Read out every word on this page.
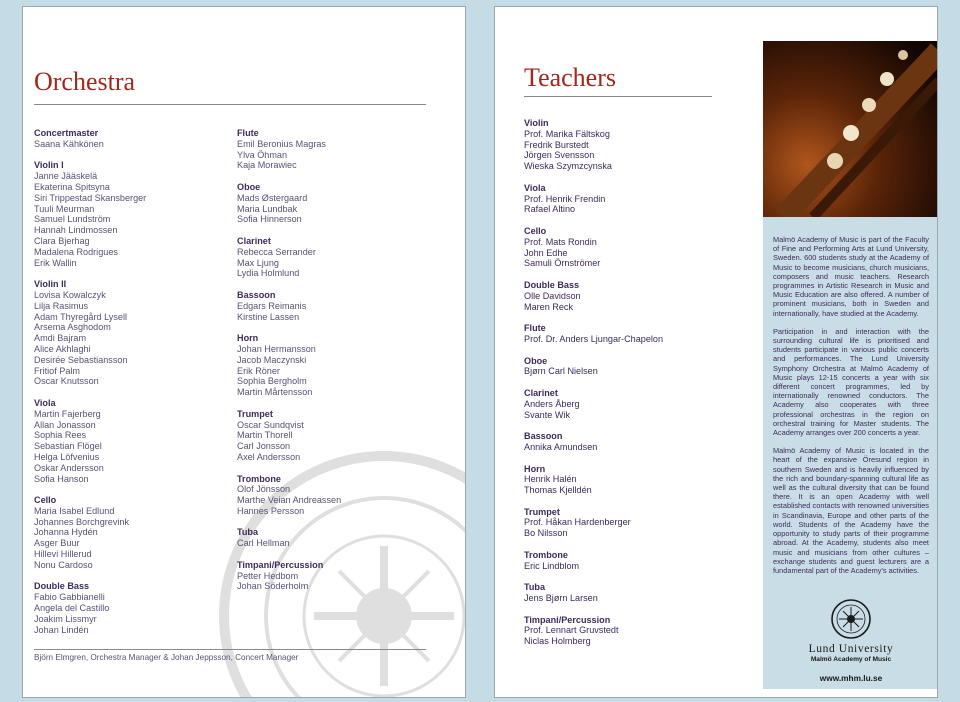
Orchestra
Concertmaster
Saana Kähkönen
Violin I
Janne Jääskelä
Ekaterina Spitsyna
Siri Trippestad Skansberger
Tuuli Meurman
Samuel Lundström
Hannah Lindmossen
Clara Bjerhag
Madalena Rodrigues
Erik Wallin
Violin II
Lovisa Kowalczyk
Lilja Rasimus
Adam Thyregård Lysell
Arsema Asghodom
Amdi Bajram
Alice Akhlaghi
Desirée Sebastiansson
Fritiof Palm
Oscar Knutsson
Viola
Martin Fajerberg
Allan Jonasson
Sophia Rees
Sebastian Flögel
Helga Löfvenius
Oskar Andersson
Sofia Hanson
Cello
Maria Isabel Edlund
Johannes Borchgrevink
Johanna Hydén
Asger Buur
Hillevi Hillerud
Nonu Cardoso
Double Bass
Fabio Gabbianelli
Angela del Castillo
Joakim Lissmyr
Johan Lindén
Flute
Emil Beronius Magras
Ylva Öhman
Kaja Morawiec
Oboe
Mads Østergaard
Maria Lundbak
Sofia Hinnerson
Clarinet
Rebecca Serrander
Max Ljung
Lydia Holmlund
Bassoon
Edgars Reimanis
Kirstine Lassen
Horn
Johan Hermansson
Jacob Maczynski
Erik Röner
Sophia Bergholm
Martin Mårtensson
Trumpet
Oscar Sundqvist
Martin Thorell
Carl Jonsson
Axel Andersson
Trombone
Olof Jönsson
Marthe Veian Andreassen
Hannes Persson
Tuba
Carl Hellman
Timpani/Percussion
Petter Hedbom
Johan Söderholm
Björn Elmgren, Orchestra Manager & Johan Jeppsson, Concert Manager
Teachers
Violin
Prof. Marika Fältskog
Fredrik Burstedt
Jörgen Svensson
Wieska Szymzcynska
Viola
Prof. Henrik Frendin
Rafael Altino
Cello
Prof. Mats Rondin
John Edhe
Samuli Örnströmer
Double Bass
Olle Davidson
Maren Reck
Flute
Prof. Dr. Anders Ljungar-Chapelon
Oboe
Bjørn Carl Nielsen
Clarinet
Anders Åberg
Svante Wik
Bassoon
Annika Amundsen
Horn
Henrik Halén
Thomas Kjelldén
Trumpet
Prof. Håkan Hardenberger
Bo Nilsson
Trombone
Eric Lindblom
Tuba
Jens Bjørn Larsen
Timpani/Percussion
Prof. Lennart Gruvstedt
Niclas Holmberg

Malmö Academy of Music is part of the Faculty of Fine and Performing Arts at Lund University, Sweden. 600 students study at the Academy of Music to become musicians, church musicians, composers and music teachers. Research programmes in Artistic Research in Music and Music Education are also offered. A number of prominent musicians, both in Sweden and internationally, have studied at the Academy.

Participation in and interaction with the surrounding cultural life is prioritised and students participate in various public concerts and performances. The Lund University Symphony Orchestra at Malmö Academy of Music plays 12-15 concerts a year with six different concert programmes, led by internationally renowned conductors. The Academy also cooperates with three professional orchestras in the region on orchestral training for Master students. The Academy arranges over 200 concerts a year.

Malmö Academy of Music is located in the heart of the expansive Öresund region in southern Sweden and is heavily influenced by the rich and boundary-spanning cultural life as well as the cultural diversity that can be found there. It is an open Academy with well established contacts with renowned universities in Scandinavia, Europe and other parts of the world. Students of the Academy have the opportunity to study parts of their programme abroad. At the Academy, students also meet music and musicians from other cultures – exchange students and guest lecturers are a fundamental part of the Academy's activities.

Lund University
Malmö Academy of Music
www.mhm.lu.se
